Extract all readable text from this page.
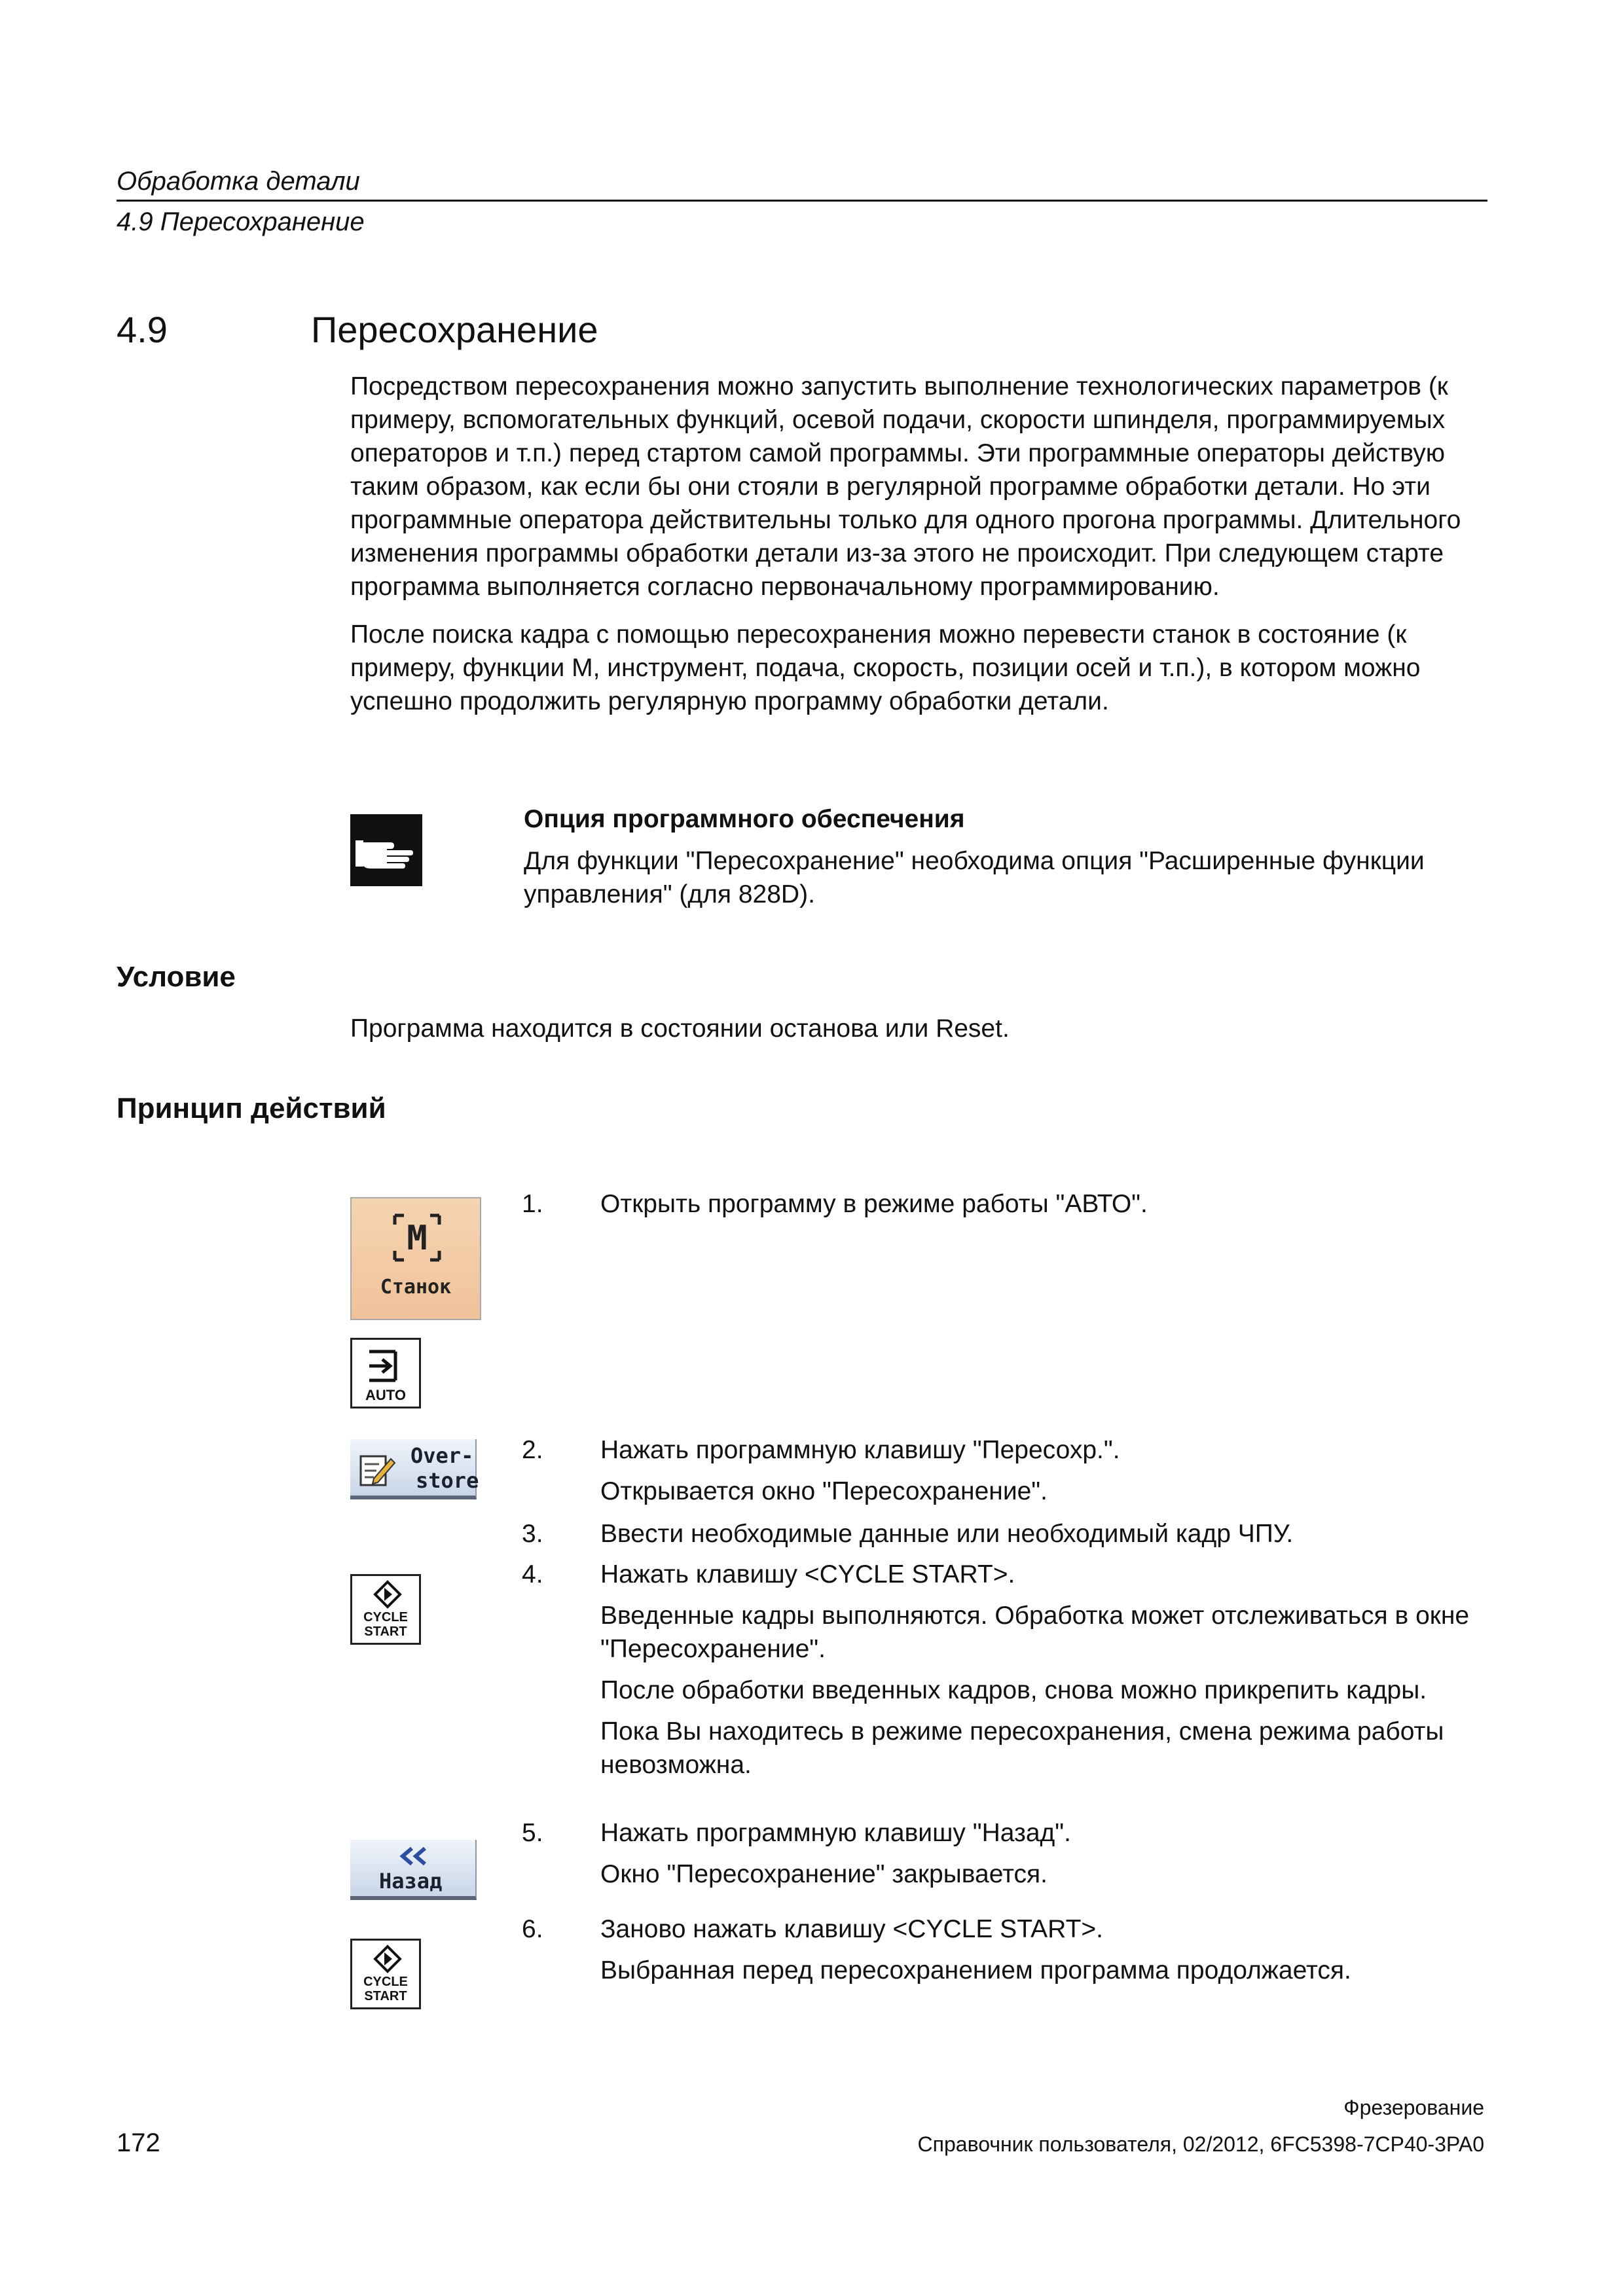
Обработка детали
4.9 Пересохранение
4.9	Пересохранение

Посредством пересохранения можно запустить выполнение технологических параметров (к примеру, вспомогательных функций, осевой подачи, скорости шпинделя, программируемых операторов и т.п.) перед стартом самой программы. Эти программные операторы действую таким образом, как если бы они стояли в регулярной программе обработки детали. Но эти программные оператора действительны только для одного прогона программы. Длительного изменения программы обработки детали из-за этого не происходит. При следующем старте программа выполняется согласно первоначальному программированию.

После поиска кадра с помощью пересохранения можно перевести станок в состояние (к примеру, функции M, инструмент, подача, скорость, позиции осей и т.п.), в котором можно успешно продолжить регулярную программу обработки детали.

Опция программного обеспечения
Для функции "Пересохранение" необходима опция "Расширенные функции управления" (для 828D).
Условие
Программа находится в состоянии останова или Reset.
Принцип действий
M
Станок
AUTO
Over-
store
CYCLE
START
Назад
CYCLE
START
1. Открыть программу в режиме работы "АВТО".
2. Нажать программную клавишу "Пересохр.".
Открывается окно "Пересохранение".
3. Ввести необходимые данные или необходимый кадр ЧПУ.
4. Нажать клавишу <CYCLE START>.
Введенные кадры выполняются. Обработка может отслеживаться в окне "Пересохранение".
После обработки введенных кадров, снова можно прикрепить кадры.
Пока Вы находитесь в режиме пересохранения, смена режима работы невозможна.
5. Нажать программную клавишу "Назад".
Окно "Пересохранение" закрывается.
6. Заново нажать клавишу <CYCLE START>.
Выбранная перед пересохранением программа продолжается.
Фрезерование
172	Справочник пользователя, 02/2012, 6FC5398-7CP40-3PA0
